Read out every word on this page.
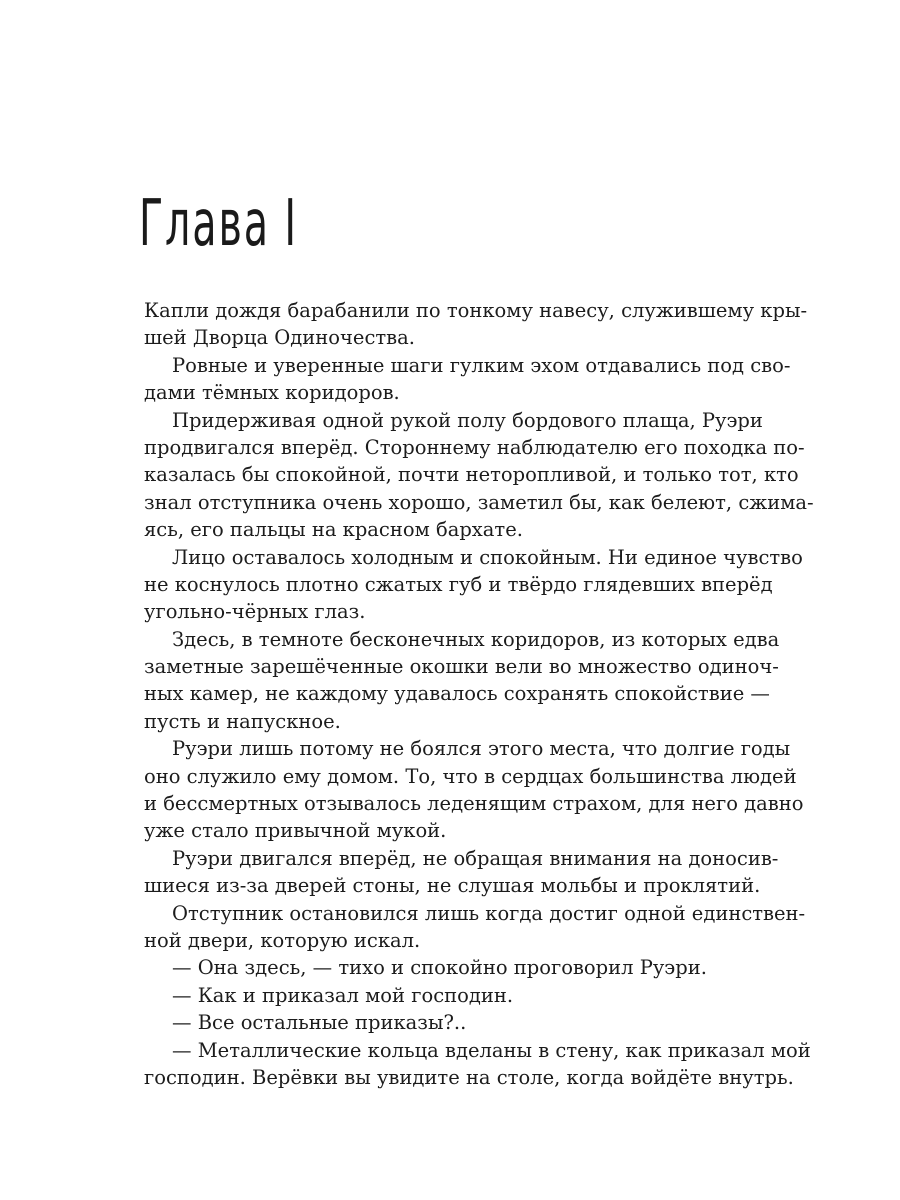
Глава I
Капли дождя барабанили по тонкому навесу, служившему кры-
шей Дворца Одиночества.
Ровные и уверенные шаги гулким эхом отдавались под сво-
дами тёмных коридоров.
Придерживая одной рукой полу бордового плаща, Руэри
продвигался вперёд. Стороннему наблюдателю его походка по-
казалась бы спокойной, почти неторопливой, и только тот, кто
знал отступника очень хорошо, заметил бы, как белеют, сжима-
ясь, его пальцы на красном бархате.
Лицо оставалось холодным и спокойным. Ни единое чувство
не коснулось плотно сжатых губ и твёрдо глядевших вперёд
угольно-чёрных глаз.
Здесь, в темноте бесконечных коридоров, из которых едва
заметные зарешёченные окошки вели во множество одиноч-
ных камер, не каждому удавалось сохранять спокойствие —
пусть и напускное.
Руэри лишь потому не боялся этого места, что долгие годы
оно служило ему домом. То, что в сердцах большинства людей
и бессмертных отзывалось леденящим страхом, для него давно
уже стало привычной мукой.
Руэри двигался вперёд, не обращая внимания на доносив-
шиеся из-за дверей стоны, не слушая мольбы и проклятий.
Отступник остановился лишь когда достиг одной единствен-
ной двери, которую искал.
— Она здесь, — тихо и спокойно проговорил Руэри.
— Как и приказал мой господин.
— Все остальные приказы?..
— Металлические кольца вделаны в стену, как приказал мой
господин. Верёвки вы увидите на столе, когда войдёте внутрь.
